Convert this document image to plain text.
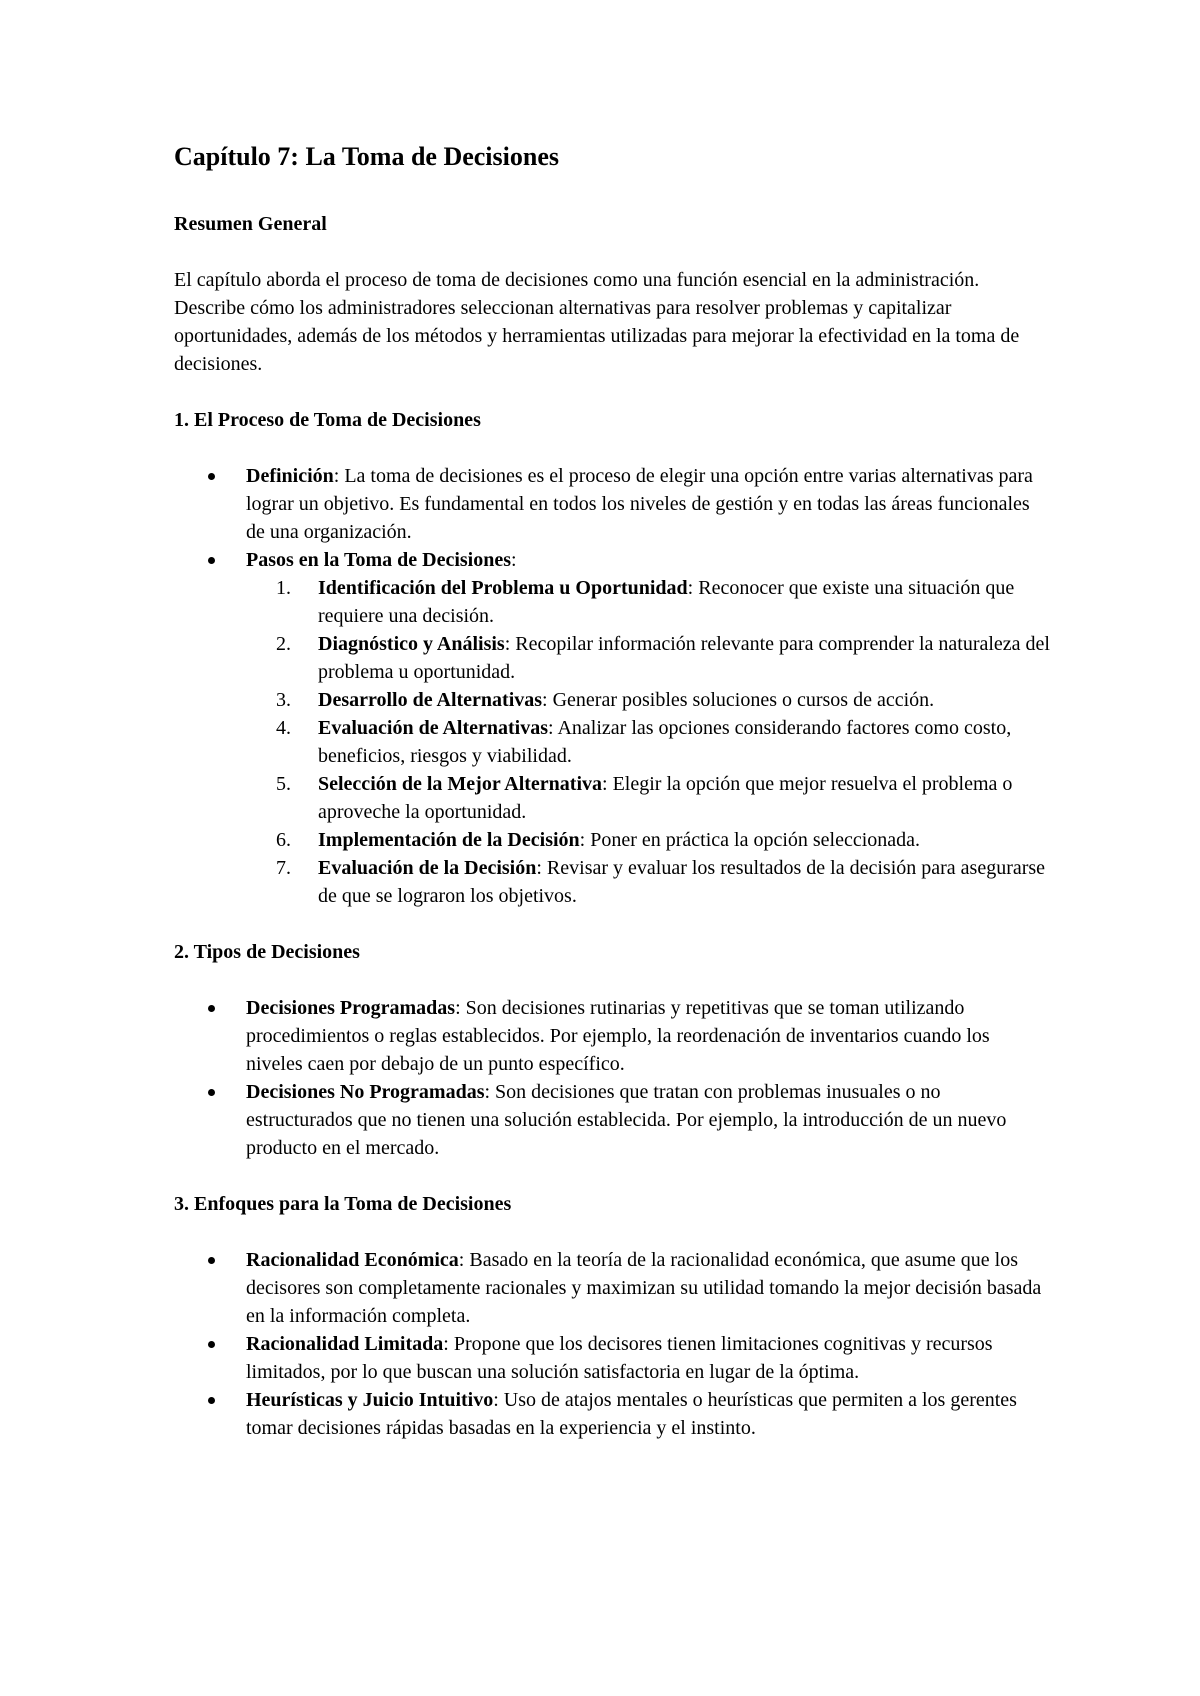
Capítulo 7: La Toma de Decisiones
Resumen General

El capítulo aborda el proceso de toma de decisiones como una función esencial en la administración. Describe cómo los administradores seleccionan alternativas para resolver problemas y capitalizar oportunidades, además de los métodos y herramientas utilizadas para mejorar la efectividad en la toma de decisiones.

1. El Proceso de Toma de Decisiones
Definición: La toma de decisiones es el proceso de elegir una opción entre varias alternativas para lograr un objetivo. Es fundamental en todos los niveles de gestión y en todas las áreas funcionales de una organización.
Pasos en la Toma de Decisiones:
1.	Identificación del Problema u Oportunidad: Reconocer que existe una situación que requiere una decisión.
2.	Diagnóstico y Análisis: Recopilar información relevante para comprender la naturaleza del problema u oportunidad.
3.	Desarrollo de Alternativas: Generar posibles soluciones o cursos de acción.
4.	Evaluación de Alternativas: Analizar las opciones considerando factores como costo, beneficios, riesgos y viabilidad.
5.	Selección de la Mejor Alternativa: Elegir la opción que mejor resuelva el problema o aproveche la oportunidad.
6.	Implementación de la Decisión: Poner en práctica la opción seleccionada.
7.	Evaluación de la Decisión: Revisar y evaluar los resultados de la decisión para asegurarse de que se lograron los objetivos.
2. Tipos de Decisiones
Decisiones Programadas: Son decisiones rutinarias y repetitivas que se toman utilizando procedimientos o reglas establecidos. Por ejemplo, la reordenación de inventarios cuando los niveles caen por debajo de un punto específico.
Decisiones No Programadas: Son decisiones que tratan con problemas inusuales o no estructurados que no tienen una solución establecida. Por ejemplo, la introducción de un nuevo producto en el mercado.
3. Enfoques para la Toma de Decisiones
Racionalidad Económica: Basado en la teoría de la racionalidad económica, que asume que los decisores son completamente racionales y maximizan su utilidad tomando la mejor decisión basada en la información completa.
Racionalidad Limitada: Propone que los decisores tienen limitaciones cognitivas y recursos limitados, por lo que buscan una solución satisfactoria en lugar de la óptima.
Heurísticas y Juicio Intuitivo: Uso de atajos mentales o heurísticas que permiten a los gerentes tomar decisiones rápidas basadas en la experiencia y el instinto.
